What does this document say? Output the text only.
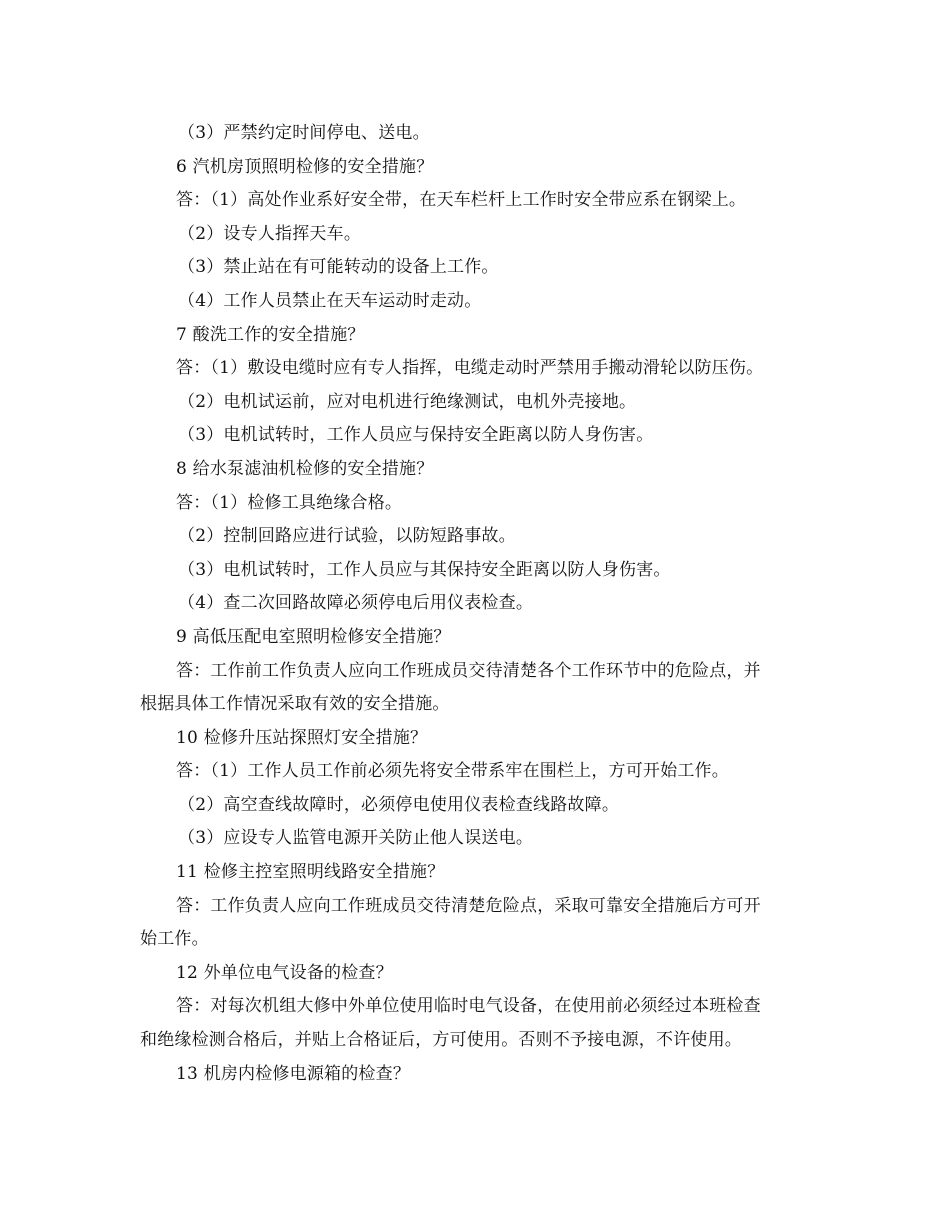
（3）严禁约定时间停电、送电。

6 汽机房顶照明检修的安全措施？

答：（1）高处作业系好安全带，在天车栏杆上工作时安全带应系在钢梁上。

（2）设专人指挥天车。

（3）禁止站在有可能转动的设备上工作。

（4）工作人员禁止在天车运动时走动。

7 酸洗工作的安全措施？

答：（1）敷设电缆时应有专人指挥，电缆走动时严禁用手搬动滑轮以防压伤。

（2）电机试运前，应对电机进行绝缘测试，电机外壳接地。

（3）电机试转时，工作人员应与保持安全距离以防人身伤害。

8 给水泵滤油机检修的安全措施？

答：（1）检修工具绝缘合格。

（2）控制回路应进行试验，以防短路事故。

（3）电机试转时，工作人员应与其保持安全距离以防人身伤害。

（4）查二次回路故障必须停电后用仪表检查。

9 高低压配电室照明检修安全措施？

答：工作前工作负责人应向工作班成员交待清楚各个工作环节中的危险点，并

根据具体工作情况采取有效的安全措施。

10 检修升压站探照灯安全措施？

答：（1）工作人员工作前必须先将安全带系牢在围栏上，方可开始工作。

（2）高空查线故障时，必须停电使用仪表检查线路故障。

（3）应设专人监管电源开关防止他人误送电。

11 检修主控室照明线路安全措施？

答：工作负责人应向工作班成员交待清楚危险点，采取可靠安全措施后方可开

始工作。

12 外单位电气设备的检查？

答：对每次机组大修中外单位使用临时电气设备，在使用前必须经过本班检查

和绝缘检测合格后，并贴上合格证后，方可使用。否则不予接电源，不许使用。

13 机房内检修电源箱的检查？
